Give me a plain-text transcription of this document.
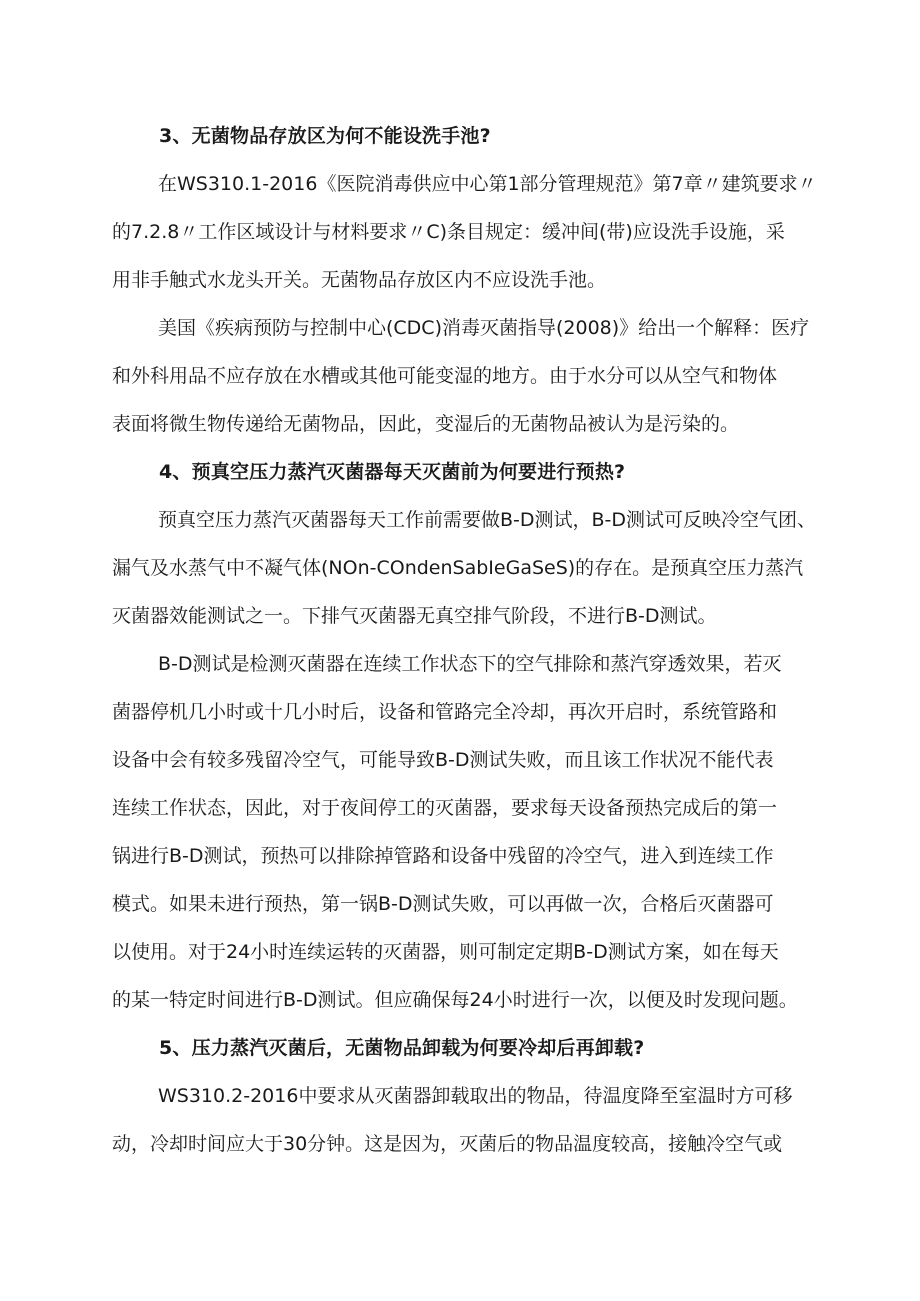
3、无菌物品存放区为何不能设洗手池?
在WS310.1-2016《医院消毒供应中心第1部分管理规范》第7章〃建筑要求〃
的7.2.8〃工作区域设计与材料要求〃C)条目规定：缓冲间(带)应设洗手设施，采
用非手触式水龙头开关。无菌物品存放区内不应设洗手池。
美国《疾病预防与控制中心(CDC)消毒灭菌指导(2008)》给出一个解释：医疗
和外科用品不应存放在水槽或其他可能变湿的地方。由于水分可以从空气和物体
表面将微生物传递给无菌物品，因此，变湿后的无菌物品被认为是污染的。
4、预真空压力蒸汽灭菌器每天灭菌前为何要进行预热?
预真空压力蒸汽灭菌器每天工作前需要做B-D测试，B-D测试可反映冷空气团、
漏气及水蒸气中不凝气体(NOn-COndenSabIeGaSeS)的存在。是预真空压力蒸汽
灭菌器效能测试之一。下排气灭菌器无真空排气阶段，不进行B-D测试。
B-D测试是检测灭菌器在连续工作状态下的空气排除和蒸汽穿透效果，若灭
菌器停机几小时或十几小时后，设备和管路完全冷却，再次开启时，系统管路和
设备中会有较多残留冷空气，可能导致B-D测试失败，而且该工作状况不能代表
连续工作状态，因此，对于夜间停工的灭菌器，要求每天设备预热完成后的第一
锅进行B-D测试，预热可以排除掉管路和设备中残留的冷空气，进入到连续工作
模式。如果未进行预热，第一锅B-D测试失败，可以再做一次，合格后灭菌器可
以使用。对于24小时连续运转的灭菌器，则可制定定期B-D测试方案，如在每天
的某一特定时间进行B-D测试。但应确保每24小时进行一次，以便及时发现问题。
5、压力蒸汽灭菌后，无菌物品卸载为何要冷却后再卸载?
WS310.2-2016中要求从灭菌器卸载取出的物品，待温度降至室温时方可移
动，冷却时间应大于30分钟。这是因为，灭菌后的物品温度较高，接触冷空气或
